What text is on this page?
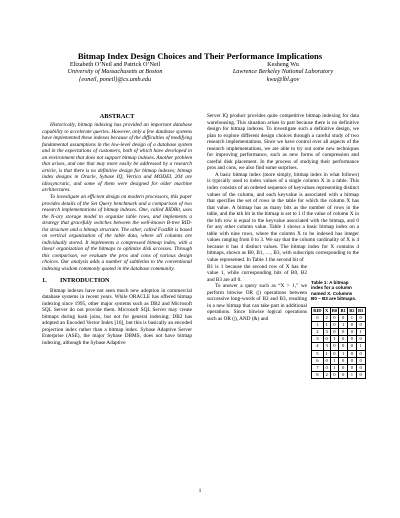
Bitmap Index Design Choices and Their Performance Implications
Elizabeth O’Neil and Patrick O’Neil
University of Massachusetts at Boston
{eoneil, poneil}@cs.umb.edu
Kesheng Wu
Lawrence Berkeley National Laboratory
kwu@lbl.gov
ABSTRACT

Historically, bitmap indexing has provided an important database capability to accelerate queries. However, only a few database systems have implemented these indexes because of the difficulties of modifying fundamental assumptions in the low-level design of a database system and in the expectations of customers, both of which have developed in an environment that does not support bitmap indexes. Another problem that arises, and one that may more easily be addressed by a research article, is that there is no definitive design for bitmap indexes; bitmap index designs in Oracle, Sybase IQ, Vertica and MODEL 204 are idiosyncratic, and some of them were designed for older machine architectures.

To investigate an efficient design on modern processors, this paper provides details of the Set Query benchmark and a comparison of two research implementations of bitmap indexes. One, called RIDBit, uses the N-ary storage model to organize table rows, and implements a strategy that gracefully switches between the well-known B-tree RID-list structure and a bitmap structure. The other, called FastBit is based on vertical organization of the table data, where all columns are individually stored. It implements a compressed bitmap index, with a linear organization of the bitmaps to optimize disk accesses. Through this comparison, we evaluate the pros and cons of various design choices. Our analysis adds a number of subtleties to the conventional indexing wisdom commonly quoted in the database community.

1. INTRODUCTION

Bitmap indexes have not seen much new adoption in commercial database systems in recent years. While ORACLE has offered bitmap indexing since 1995, other major systems such as DB2 and Microsoft SQL Server do not provide them. Microsoft SQL Server may create bitmaps during hash joins, but not for general indexing; DB2 has adopted an Encoded Vector Index [16], but this is basically an encoded projection index rather than a bitmap index. Sybase Adaptive Server Enterprise (ASE), the major Sybase DBMS, does not have bitmap indexing, although the Sybase Adaptive

Server IQ product provides quite competitive bitmap indexing for data warehousing. This situation arises in part because there is no definitive design for bitmap indexes. To investigate such a definitive design, we plan to explore different design choices through a careful study of two research implementations. Since we have control over all aspects of the research implementations, we are able to try out some new techniques for improving performance, such as new forms of compression and careful disk placement. In the process of studying their performance pros and cons, we also find some surprises.

A basic bitmap index (more simply, bitmap index in what follows) is typically used to index values of a single column X in a table. This index consists of an ordered sequence of keyvalues representing distinct values of the column, and each keyvalue is associated with a bitmap that specifies the set of rows in the table for which the column X has that value. A bitmap has as many bits as the number of rows in the table, and the kth bit in the bitmap is set to 1 if the value of column X in the kth row is equal to the keyvalue associated with the bitmap, and 0 for any other column value. Table 1 shows a basic bitmap index on a table with nine rows, where the column X to be indexed has integer values ranging from 0 to 3. We say that the column cardinality of X is 4 because it has 4 distinct values. The bitmap index for X contains 4 bitmaps, shown as B0, B1, …, B3, with subscripts corresponding to the value represented. In Table 1 the second bit of

B1 is 1 because the second row of X has the value 1, while corresponding bits of B0, B2 and B3 are all 0.

To answer a query such as “X > 1,” we perform bitwise OR (|) operations between successive long-words of B2 and B3, resulting in a new bitmap that can take part in additional operations. Since bitwise logical operations such as OR (|), AND (&) and

Table 1: A bitmap index for a column named X. Columns B0 – B3 are bitmaps.
RID	X	B0	B1	B2	B3
0	2	0	0	1	0
1	1	0	1	0	0
2	3	0	0	0	1
3	0	1	0	0	0
4	3	0	0	0	1
5	1	0	1	0	0
6	0	1	0	0	0
7	0	1	0	0	0
8	2	0	0	1	0
1
